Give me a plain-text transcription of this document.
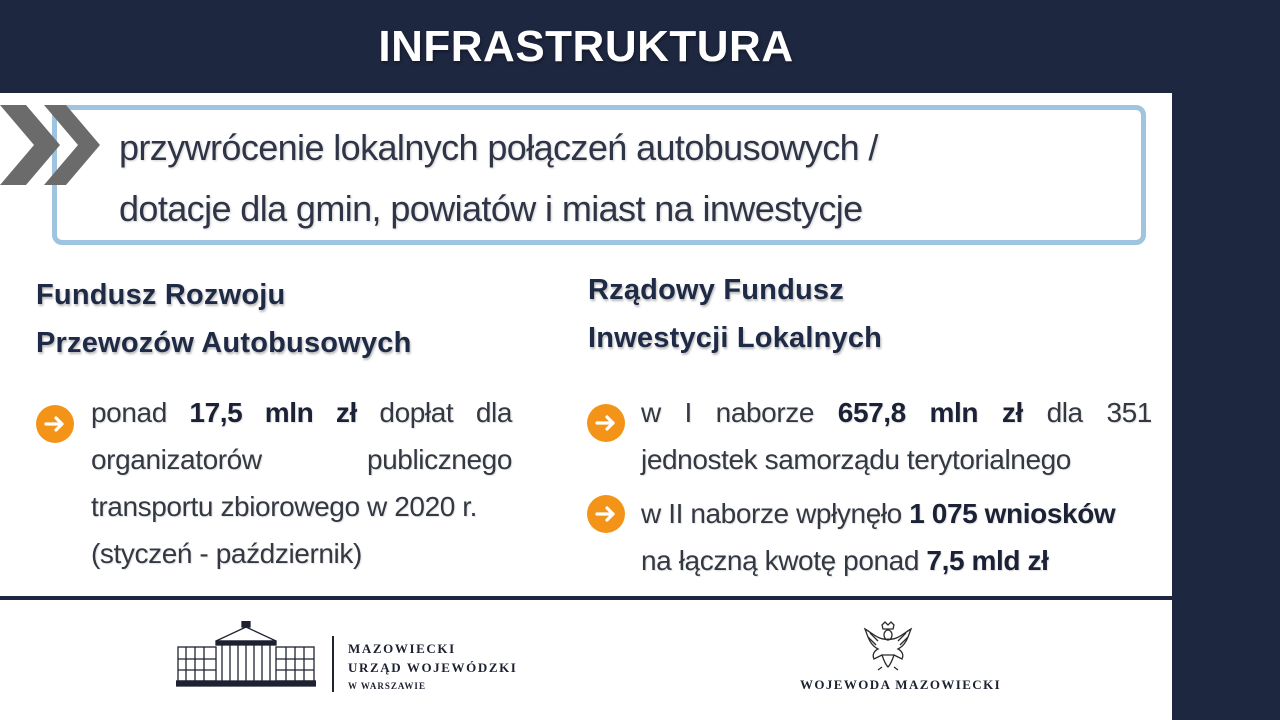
INFRASTRUKTURA
przywrócenie lokalnych połączeń autobusowych /
dotacje dla gmin, powiatów i miast na inwestycje
Fundusz Rozwoju
Przewozów Autobusowych
ponad 17,5 mln zł dopłat dla
organizatorów publicznego
transportu zbiorowego w 2020 r.
(styczeń - październik)
Rządowy Fundusz
Inwestycji Lokalnych
w I naborze 657,8 mln zł dla 351
jednostek samorządu terytorialnego
w II naborze wpłynęło 1 075 wniosków
na łączną kwotę ponad 7,5 mld zł
MAZOWIECKI
URZĄD WOJEWÓDZKI
W WARSZAWIE	WOJEWODA MAZOWIECKI
